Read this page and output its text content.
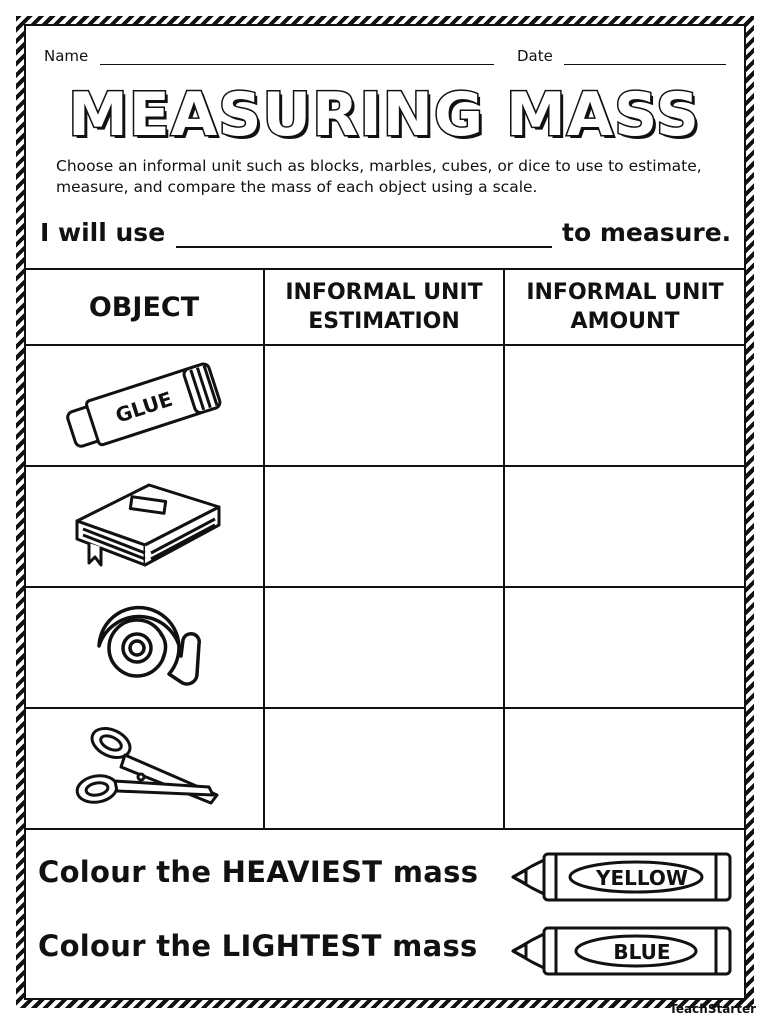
Name	Date
MEASURING MASS
Choose an informal unit such as blocks, marbles, cubes, or dice to use to estimate, measure, and compare the mass of each object using a scale.
I will use	to measure.
OBJECT	INFORMAL UNIT ESTIMATION	INFORMAL UNIT AMOUNT

GLUE		

Colour the HEAVIEST mass
Colour the LIGHTEST mass
YELLOW
BLUE
TeachStarter
